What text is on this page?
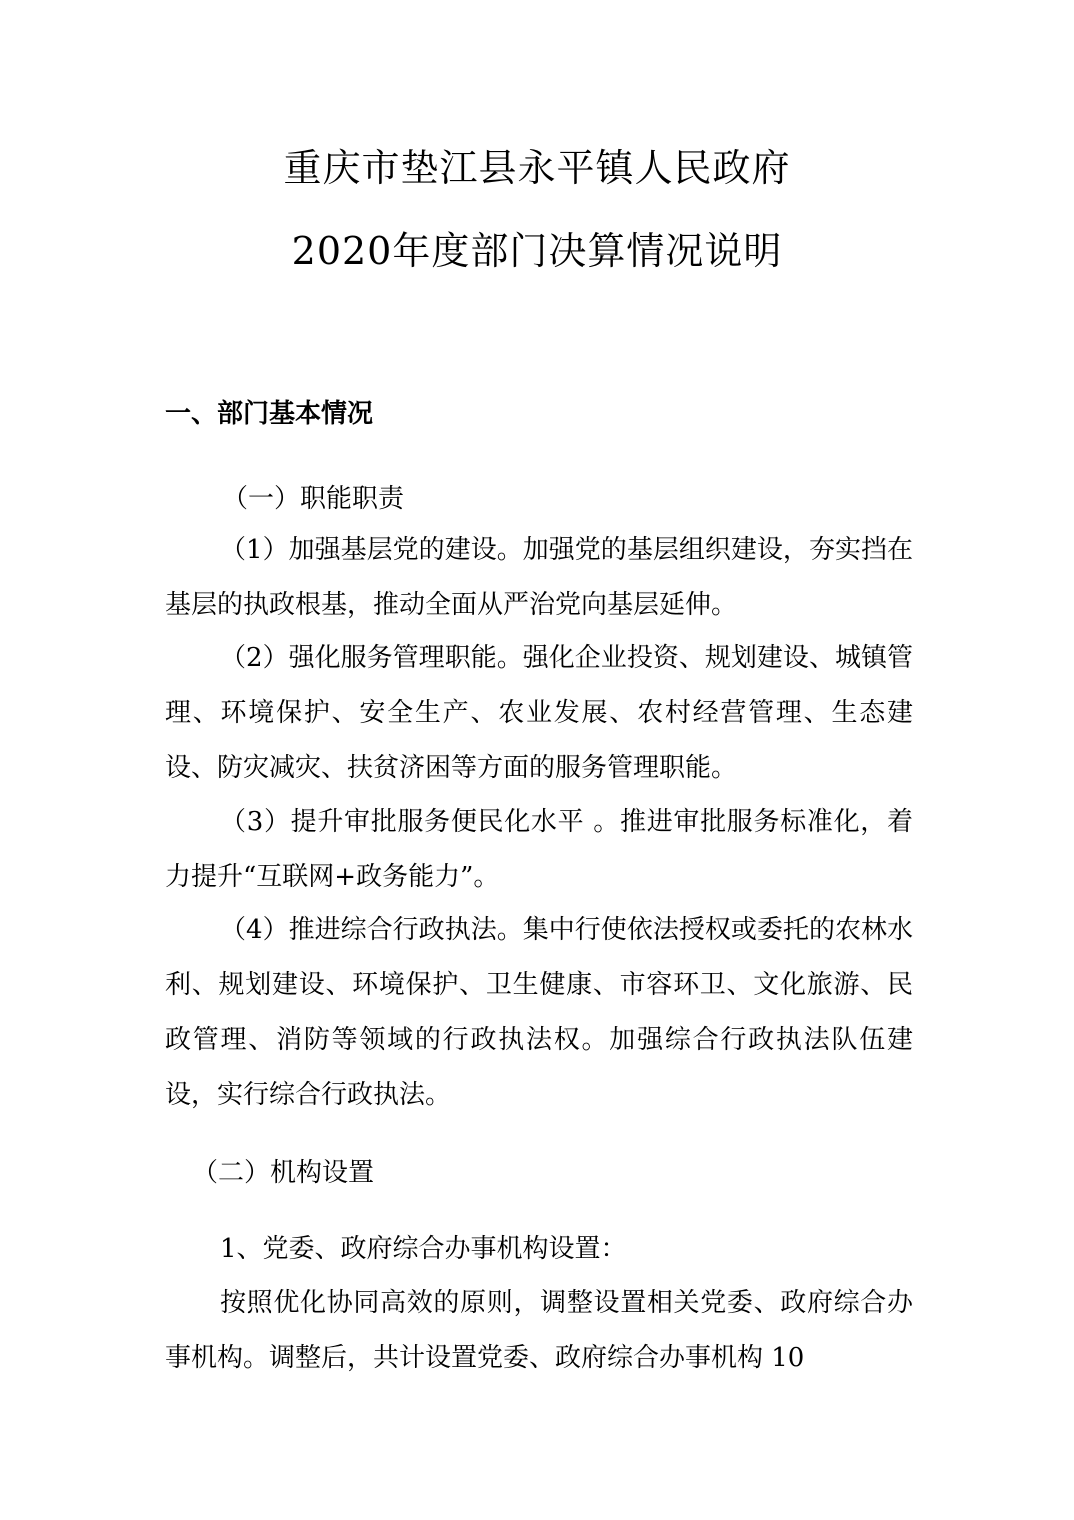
重庆市垫江县永平镇人民政府
2020年度部门决算情况说明
一、部门基本情况
（一）职能职责

（1）加强基层党的建设。加强党的基层组织建设，夯实挡在基层的执政根基，推动全面从严治党向基层延伸。

（2）强化服务管理职能。强化企业投资、规划建设、城镇管理、环境保护、安全生产、农业发展、农村经营管理、生态建设、防灾减灾、扶贫济困等方面的服务管理职能。

（3）提升审批服务便民化水平 。推进审批服务标准化，着力提升“互联网+政务能力”。

（4）推进综合行政执法。集中行使依法授权或委托的农林水利、规划建设、环境保护、卫生健康、市容环卫、文化旅游、民政管理、消防等领域的行政执法权。加强综合行政执法队伍建设，实行综合行政执法。

（二）机构设置

1、党委、政府综合办事机构设置：

按照优化协同高效的原则，调整设置相关党委、政府综合办事机构。调整后，共计设置党委、政府综合办事机构 10
